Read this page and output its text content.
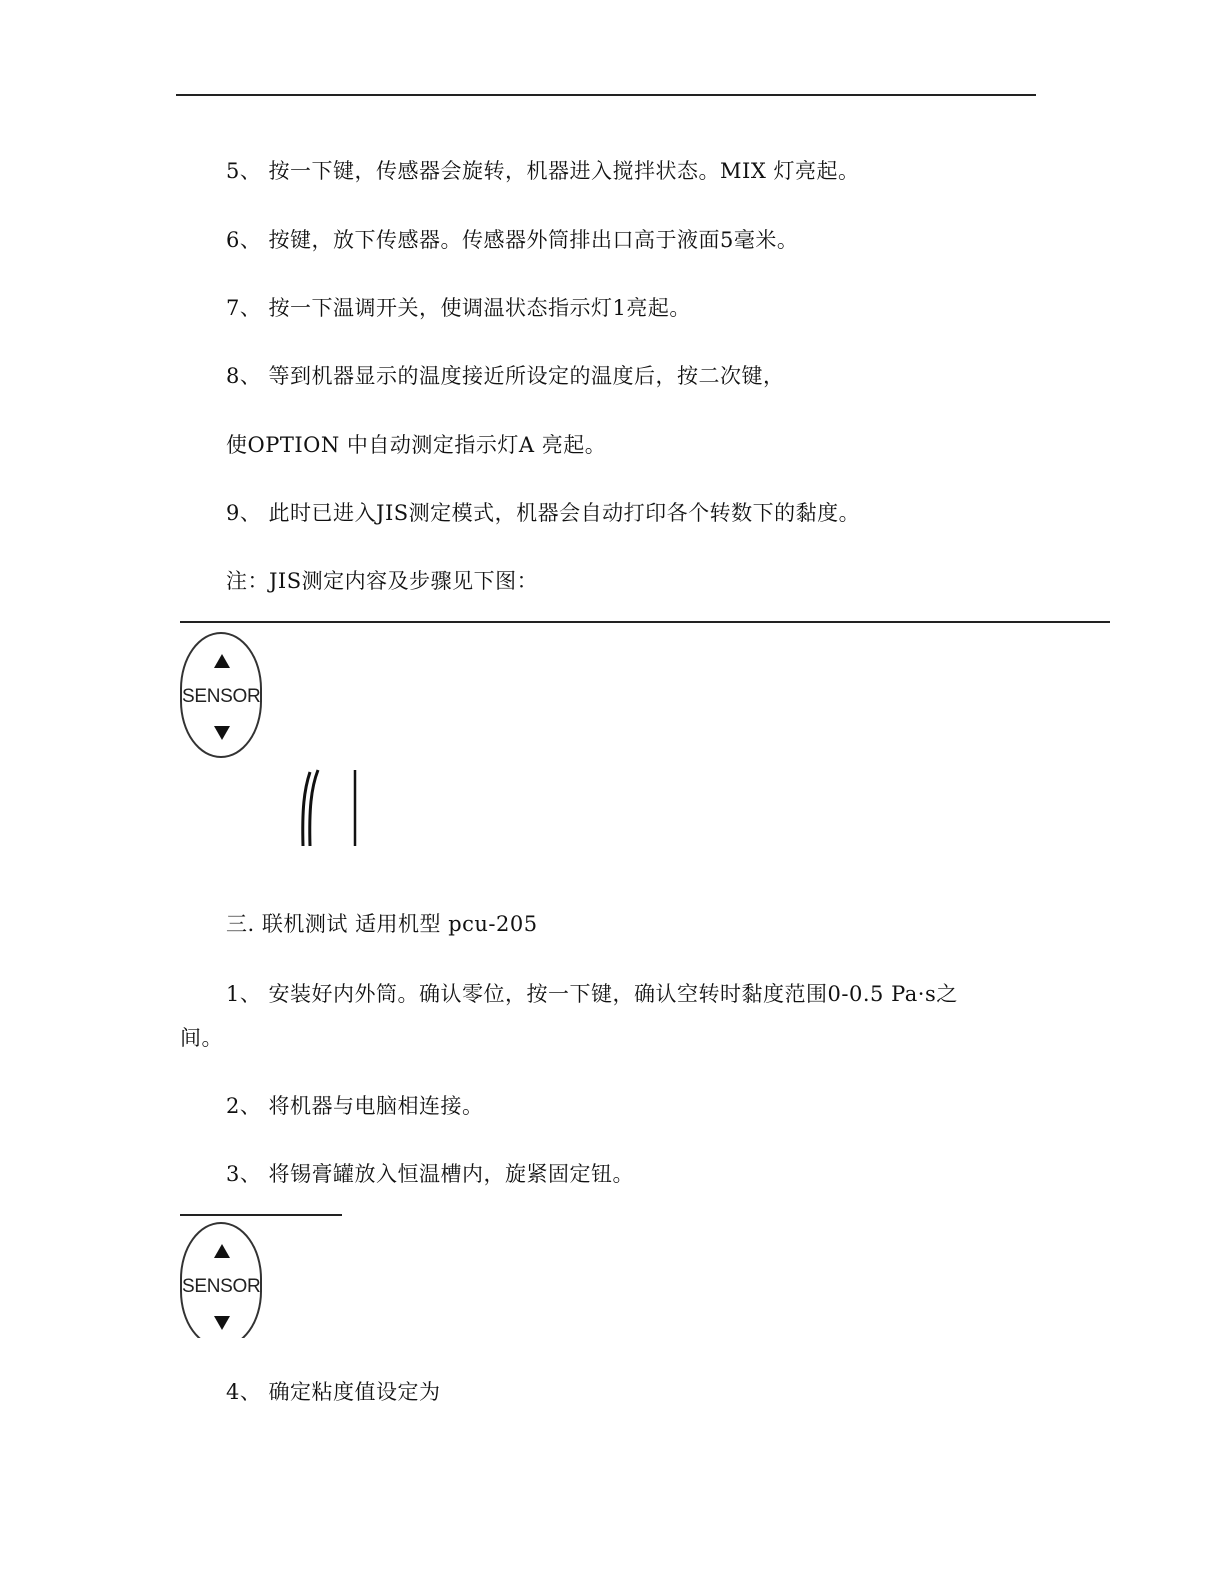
5、 按一下键，传感器会旋转，机器进入搅拌状态。MIX 灯亮起。
6、 按键，放下传感器。传感器外筒排出口高于液面5毫米。
7、 按一下温调开关，使调温状态指示灯1亮起。
8、 等到机器显示的温度接近所设定的温度后，按二次键，
使OPTION 中自动测定指示灯A 亮起。
9、 此时已进入JIS测定模式，机器会自动打印各个转数下的黏度。
注：JIS测定内容及步骤见下图：
SENSOR
三. 联机测试 适用机型 pcu-205
1、 安装好内外筒。确认零位，按一下键，确认空转时黏度范围0-0.5 Pa·s之
间。
2、 将机器与电脑相连接。
3、 将锡膏罐放入恒温槽内，旋紧固定钮。
SENSOR
4、 确定粘度值设定为
